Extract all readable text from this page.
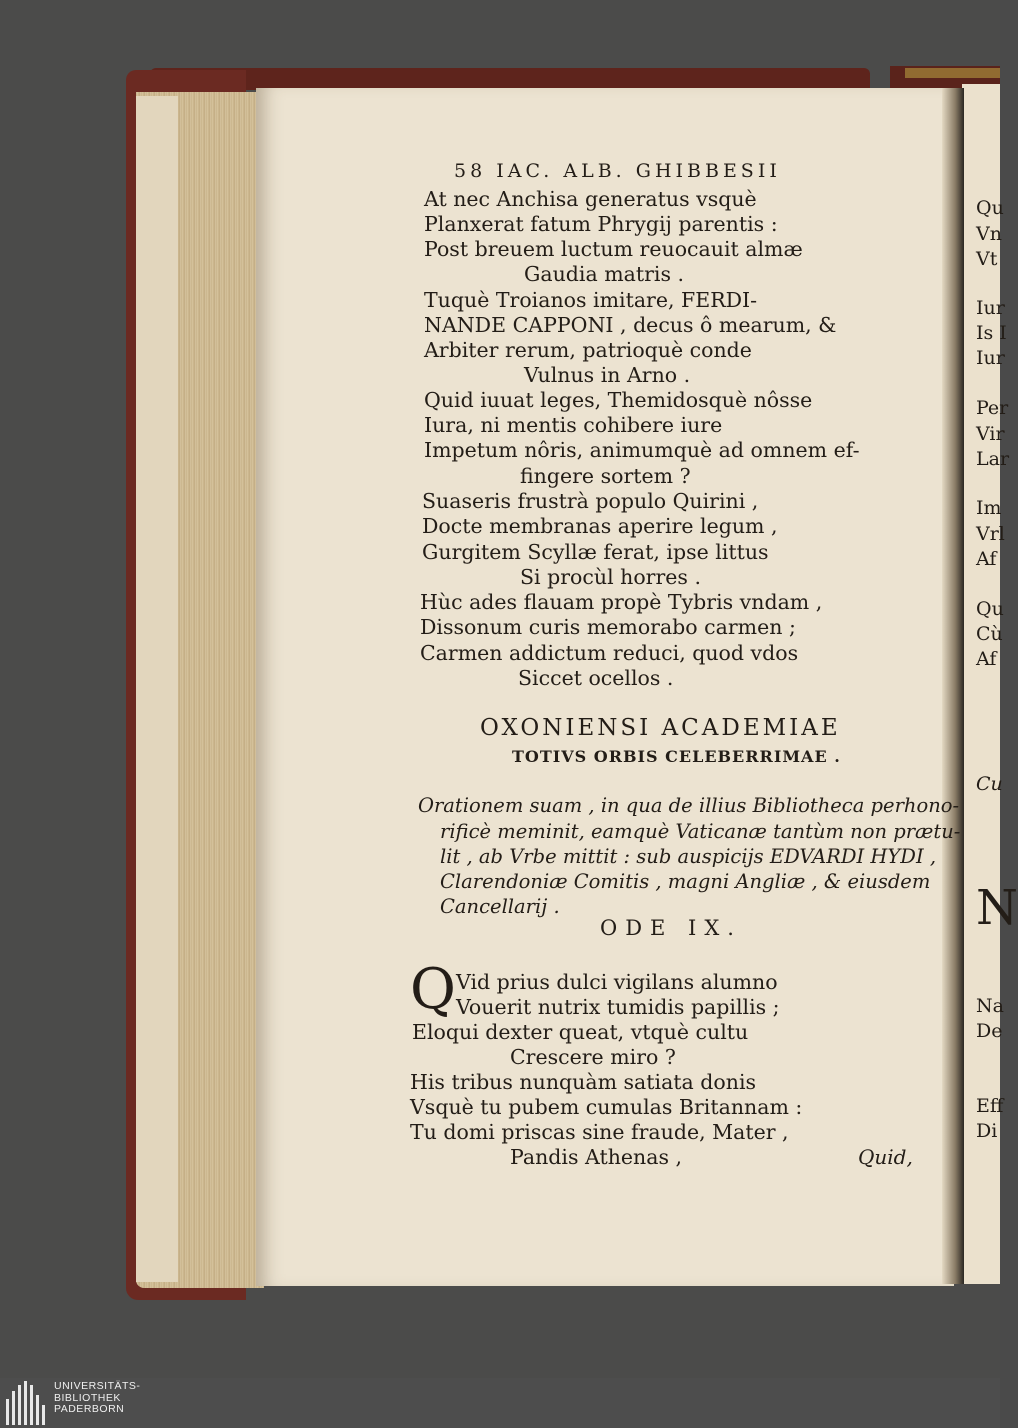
58 IAC. ALB. GHIBBESII
At nec Anchisa generatus vsquè
Planxerat fatum Phrygij parentis :
Post breuem luctum reuocauit almæ
Gaudia matris .
Tuquè Troianos imitare, FERDI-
NANDE CAPPONI , decus ô mearum, &
Arbiter rerum, patrioquè conde
Vulnus in Arno .
Quid iuuat leges, Themidosquè nôsse
Iura, ni mentis cohibere iure
Impetum nôris, animumquè ad omnem ef-
fingere sortem ?
Suaseris frustrà populo Quirini ,
Docte membranas aperire legum ,
Gurgitem Scyllæ ferat, ipse littus
Si procùl horres .
Hùc ades flauam propè Tybris vndam ,
Dissonum curis memorabo carmen ;
Carmen addictum reduci, quod vdos
Siccet ocellos .
OXONIENSI ACADEMIAE
TOTIVS ORBIS CELEBERRIMAE .
Orationem suam , in qua de illius Bibliotheca perhono-
rificè meminit, eamquè Vaticanæ tantùm non prætu-
lit , ab Vrbe mittit : sub auspicijs EDVARDI HYDI ,
Clarendoniæ Comitis , magni Angliæ , & eiusdem
Cancellarij .
ODE IX.
Q Vid prius dulci vigilans alumno
Vouerit nutrix tumidis papillis ;
Eloqui dexter queat, vtquè cultu
Crescere miro ?
His tribus nunquàm satiata donis
Vsquè tu pubem cumulas Britannam :
Tu domi priscas sine fraude, Mater ,
Pandis Athenas ,	Quid,
Qu
Vn
Vt
Iur
Is I
Iur
Per
Vir
Lar
Im
Vrl
Af
Qu
Cù
Af
Cu
N
Na
De
Eff
Di
UNIVERSITÄTS-
BIBLIOTHEK
PADERBORN
